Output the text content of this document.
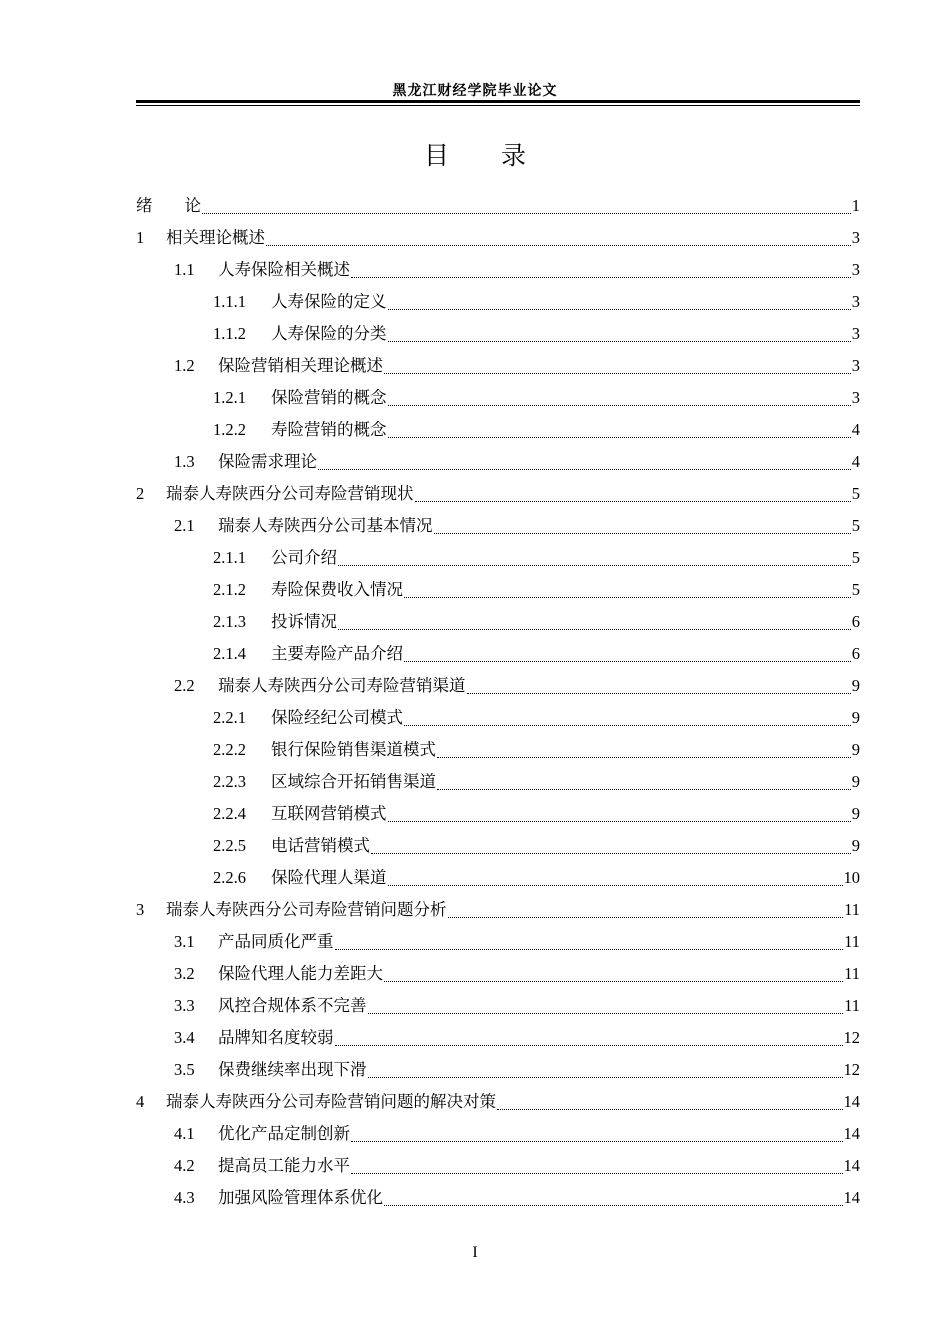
黑龙江财经学院毕业论文
目 录
绪 论	1
1	相关理论概述	3
1.1	人寿保险相关概述	3
1.1.1	人寿保险的定义	3
1.1.2	人寿保险的分类	3
1.2	保险营销相关理论概述	3
1.2.1	保险营销的概念	3
1.2.2	寿险营销的概念	4
1.3	保险需求理论	4
2	瑞泰人寿陕西分公司寿险营销现状	5
2.1	瑞泰人寿陕西分公司基本情况	5
2.1.1	公司介绍	5
2.1.2	寿险保费收入情况	5
2.1.3	投诉情况	6
2.1.4	主要寿险产品介绍	6
2.2	瑞泰人寿陕西分公司寿险营销渠道	9
2.2.1	保险经纪公司模式	9
2.2.2	银行保险销售渠道模式	9
2.2.3	区域综合开拓销售渠道	9
2.2.4	互联网营销模式	9
2.2.5	电话营销模式	9
2.2.6	保险代理人渠道	10
3	瑞泰人寿陕西分公司寿险营销问题分析	11
3.1	产品同质化严重	11
3.2	保险代理人能力差距大	11
3.3	风控合规体系不完善	11
3.4	品牌知名度较弱	12
3.5	保费继续率出现下滑	12
4	瑞泰人寿陕西分公司寿险营销问题的解决对策	14
4.1	优化产品定制创新	14
4.2	提高员工能力水平	14
4.3	加强风险管理体系优化	14
I
